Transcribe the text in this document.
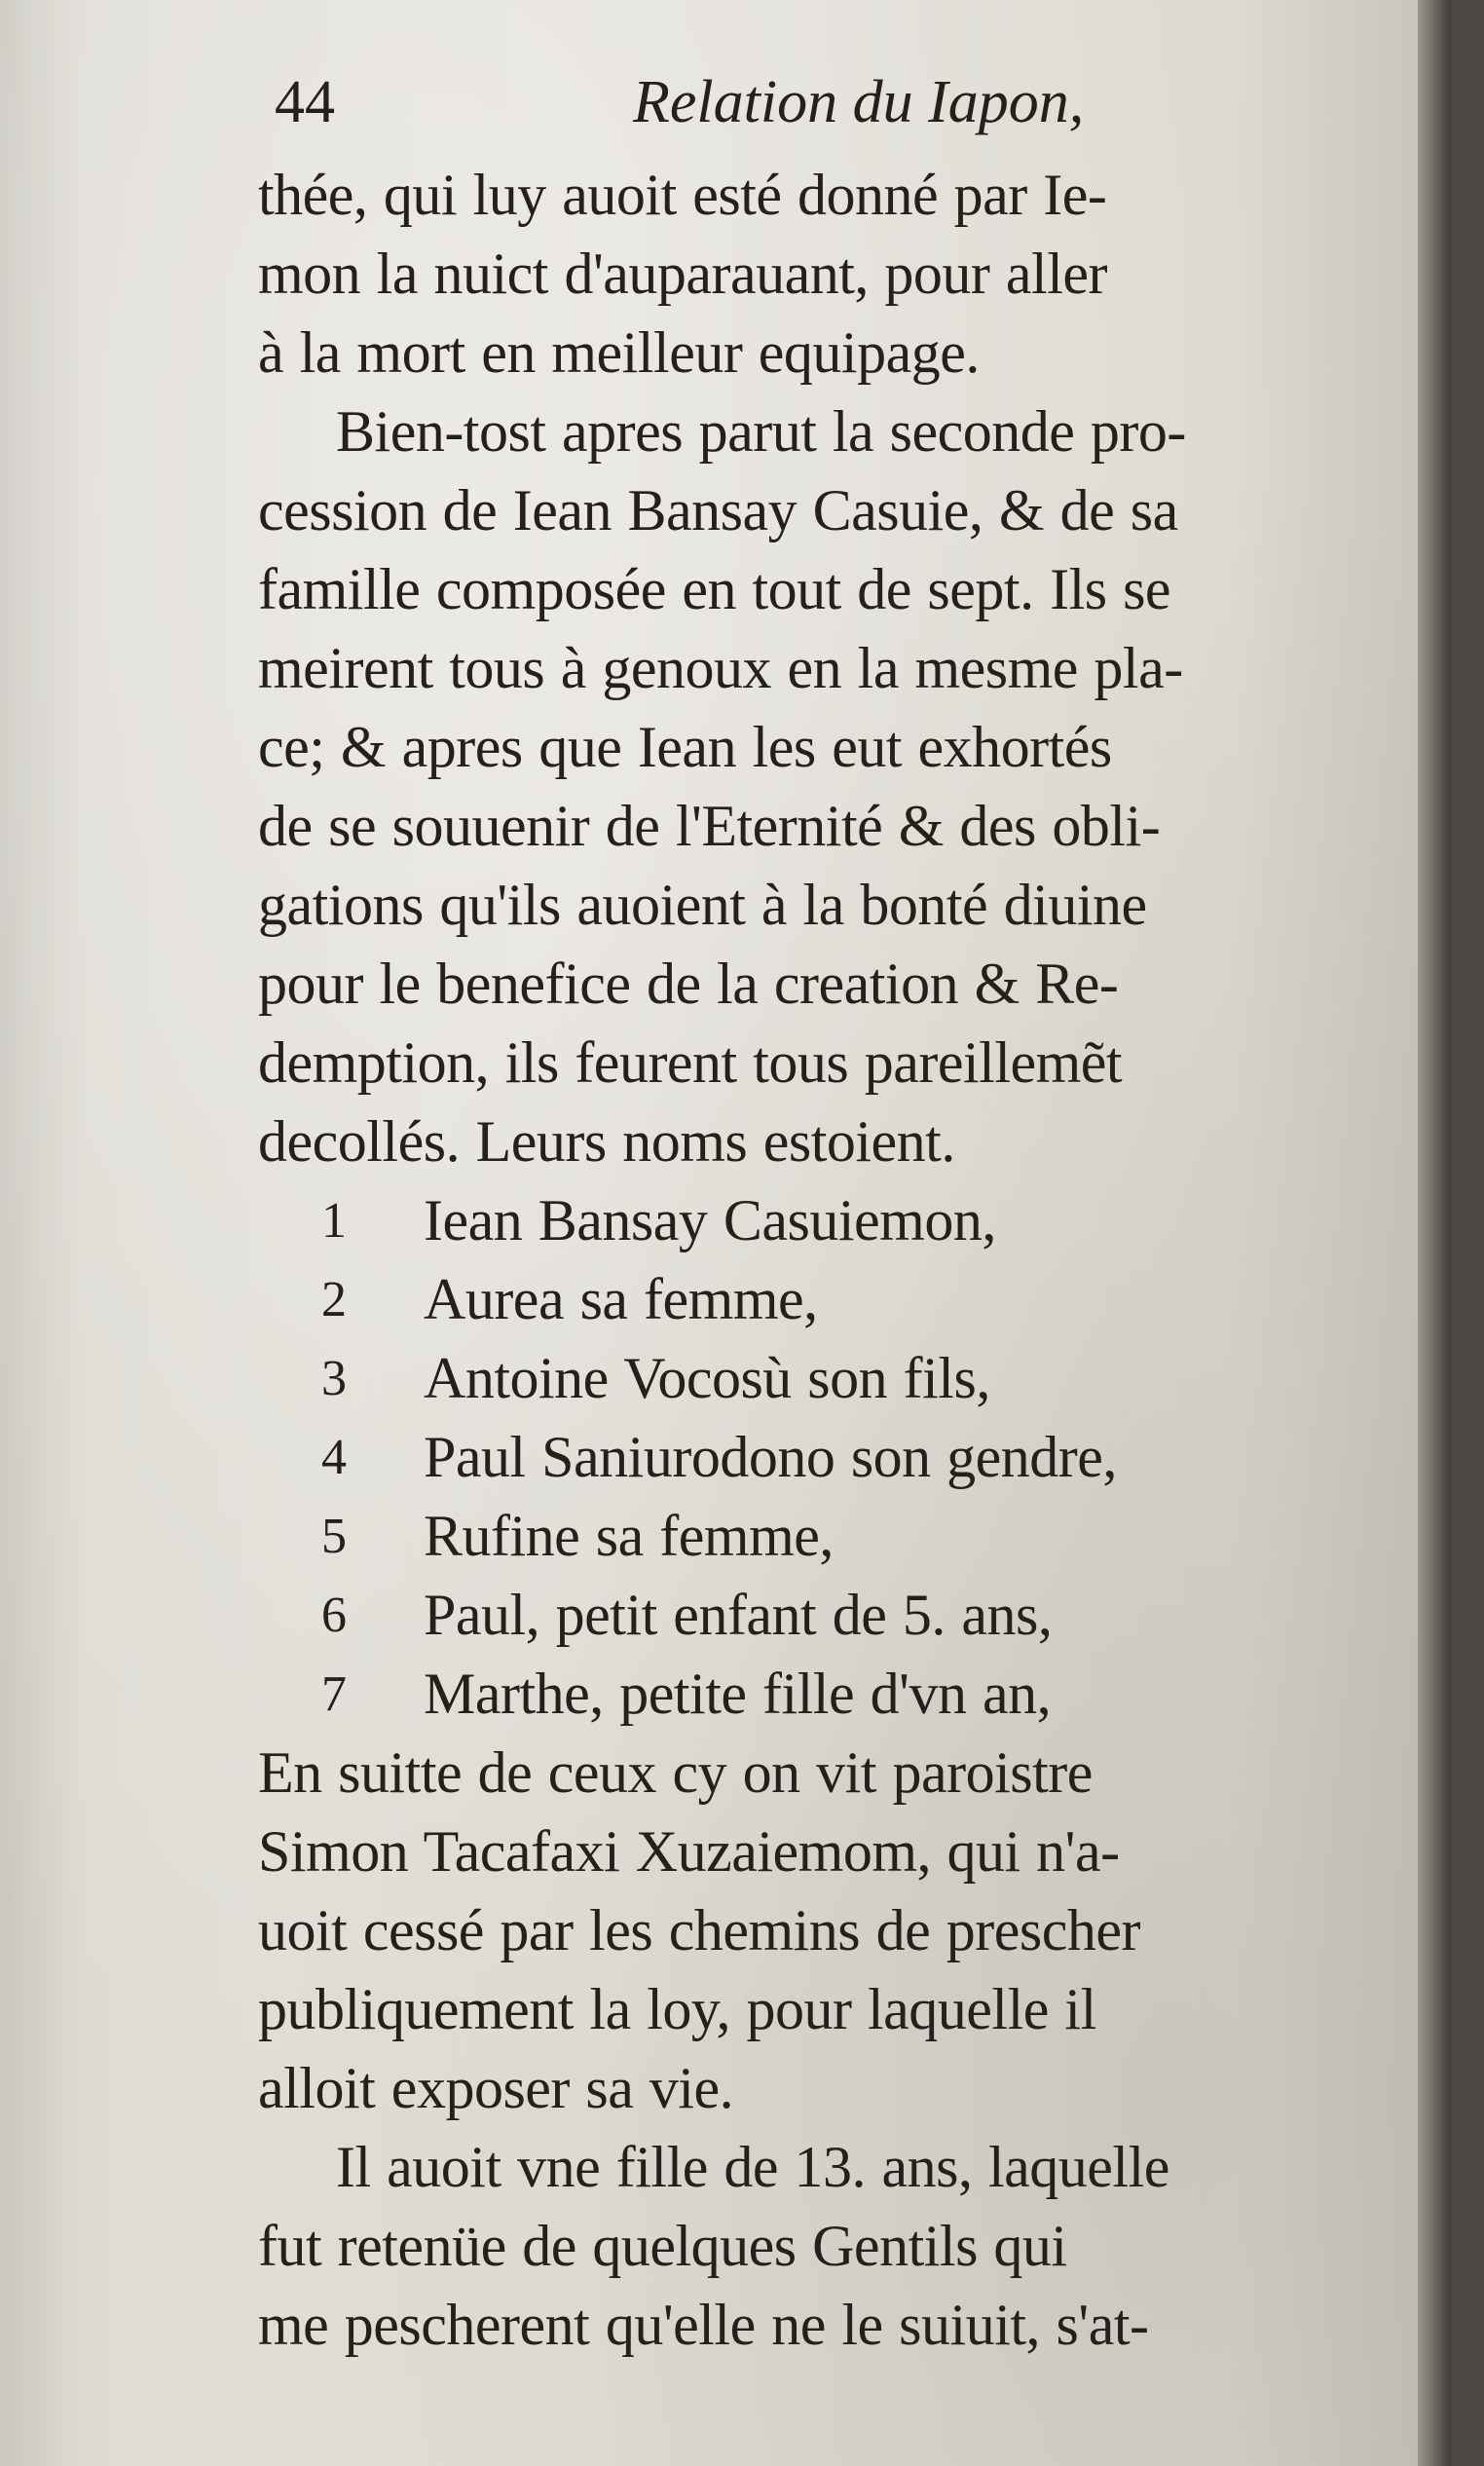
44	Relation du Iapon,
thée, qui luy auoit esté donné par Ie-
mon la nuict d'auparauant, pour aller
à la mort en meilleur equipage.
Bien-tost apres parut la seconde pro-
cession de Iean Bansay Casuie, & de sa
famille composée en tout de sept. Ils se
meirent tous à genoux en la mesme pla-
ce; & apres que Iean les eut exhortés
de se souuenir de l'Eternité & des obli-
gations qu'ils auoient à la bonté diuine
pour le benefice de la creation & Re-
demption, ils feurent tous pareillemẽt
decollés. Leurs noms estoient.
1 Iean Bansay Casuiemon,
2 Aurea sa femme,
3 Antoine Vocosù son fils,
4 Paul Saniurodono son gendre,
5 Rufine sa femme,
6 Paul, petit enfant de 5. ans,
7 Marthe, petite fille d'vn an,
En suitte de ceux cy on vit paroistre
Simon Tacafaxi Xuzaiemom, qui n'a-
uoit cessé par les chemins de prescher
publiquement la loy, pour laquelle il
alloit exposer sa vie.
Il auoit vne fille de 13. ans, laquelle
fut retenüe de quelques Gentils qui
me pescherent qu'elle ne le suiuit, s'at-
